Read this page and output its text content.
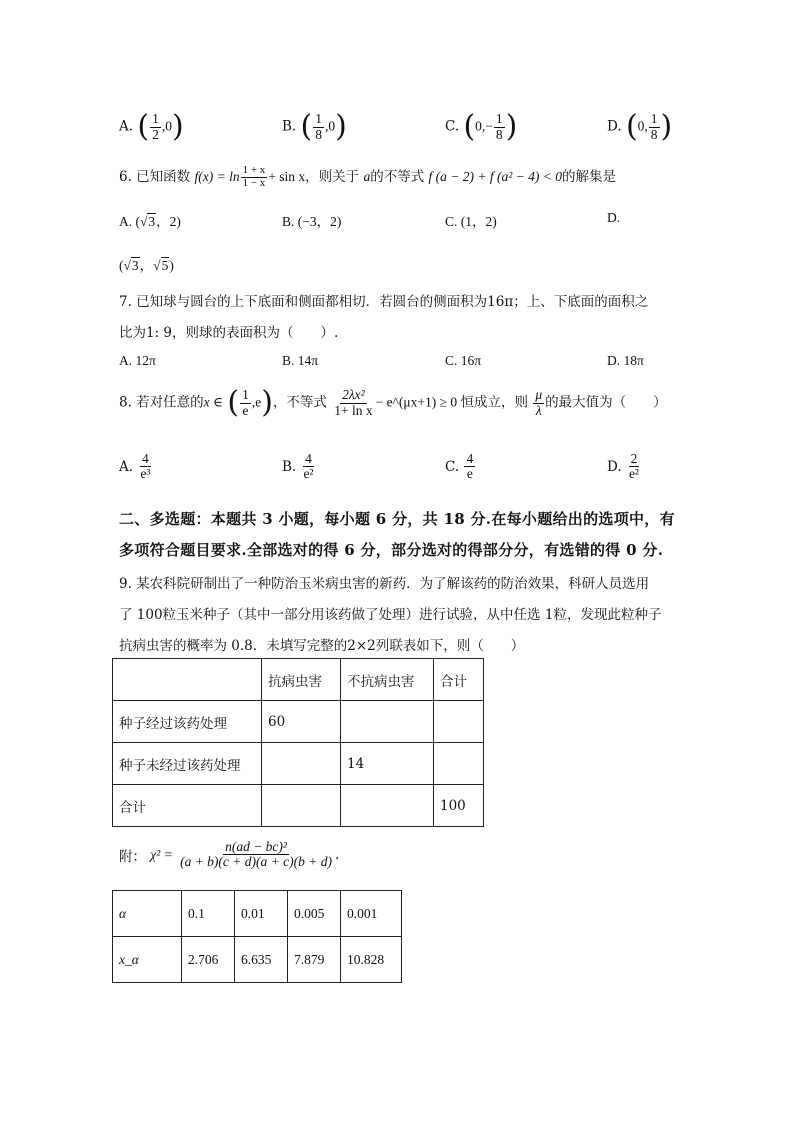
A. ( $\frac{1}{2} ,0$)	B. ( $\frac{1}{8} ,0$)	C. ($0,- \frac{1}{8}$ )	D. (0, $\frac{1}{8}$ )
6. 已知函数 $f(x) = \ln \frac{1 + x}{1 - x} + \sin x$，则关于 a的不等式 f (a − 2) + f (a² − 4) < 0的解集是
A. (√3，2)	B. (−3，2)	C. (1，2)	D.
(√3，√5)
7. 已知球与圆台的上下底面和侧面都相切．若圆台的侧面积为16π；上、下底面的面积之
比为1: 9，则球的表面积为（　　）.
A. 12π	B. 14π	C. 16π	D. 18π
8. 若对任意的x ∈ ( $\frac{1}{e} ,e$)，不等式 $\frac{\text{2λx²}}{\text{1+ ln x}}$ − e^(μx+1) ≥ 0 恒成立，则 $\frac{\mu}{\lambda}$ 的最大值为（　　）
A. $\frac{4}{\text{e³}}$	B. $\frac{4}{\text{e²}}$	C. $\frac{4}{e}$	D. $\frac{2}{\text{e²}}$
二、多选题：本题共 3 小题，每小题 6 分，共 18 分.在每小题给出的选项中，有
多项符合题目要求.全部选对的得 6 分，部分选对的得部分分，有选错的得 0 分.
9. 某农科院研制出了一种防治玉米病虫害的新药．为了解该药的防治效果，科研人员选用
了 100粒玉米种子（其中一部分用该药做了处理）进行试验，从中任选 1粒，发现此粒种子
抗病虫害的概率为 0.8．未填写完整的2×2列联表如下，则（　　）
	抗病虫害	不抗病虫害	合计
种子经过该药处理	60		
种子未经过该药处理		14	
合计			100
附： $\chi^2 = \frac{\text{n(ad − bc)²}}{(a + b)(c + d)(a + c)(b + d)}$ .
α	0.1	0.01	0.005	0.001
x_α	2.706	6.635	7.879	10.828
